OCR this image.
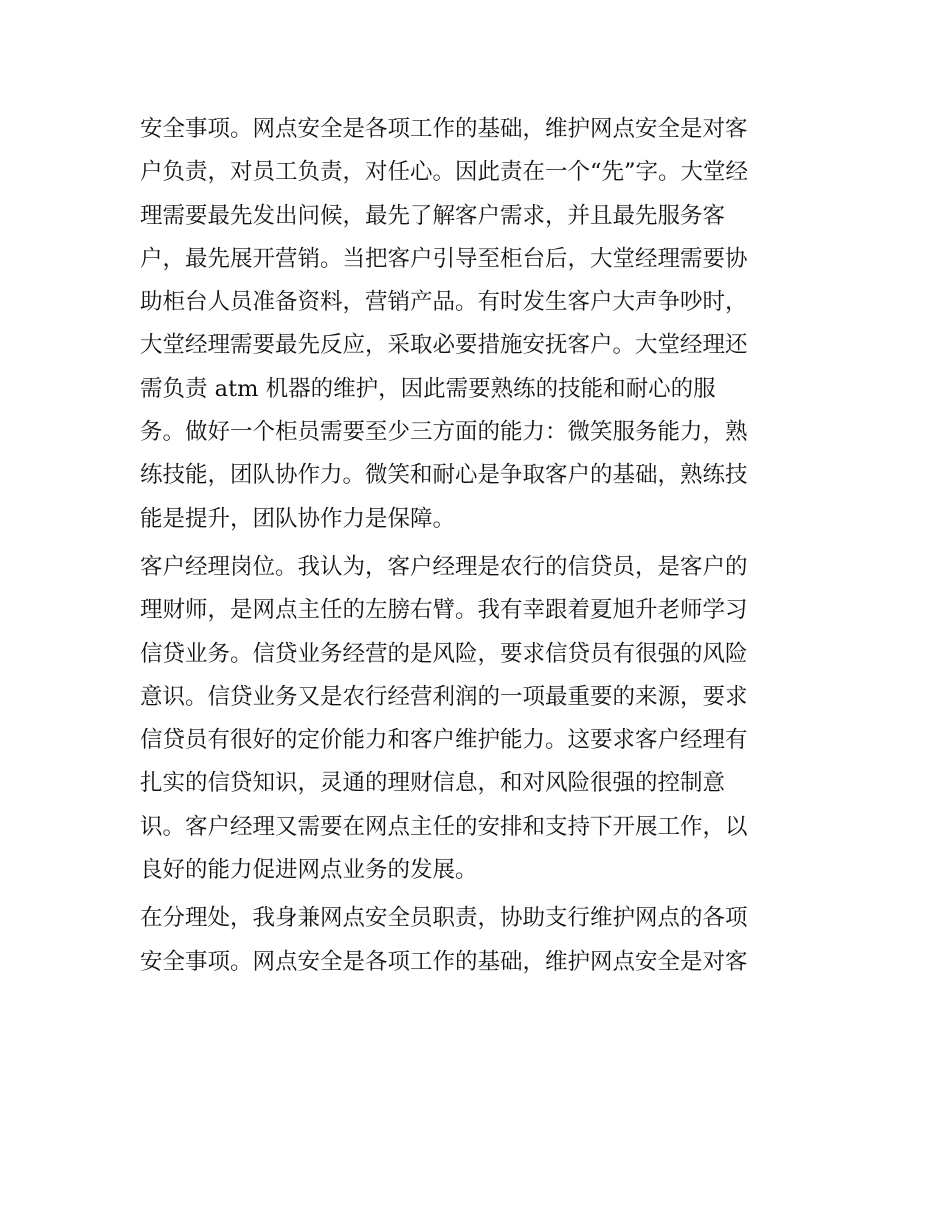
安全事项。网点安全是各项工作的基础，维护网点安全是对客
户负责，对员工负责，对任心。因此责在一个“先”字。大堂经
理需要最先发出问候，最先了解客户需求，并且最先服务客
户，最先展开营销。当把客户引导至柜台后，大堂经理需要协
助柜台人员准备资料，营销产品。有时发生客户大声争吵时，
大堂经理需要最先反应，采取必要措施安抚客户。大堂经理还
需负责 atm 机器的维护，因此需要熟练的技能和耐心的服
务。做好一个柜员需要至少三方面的能力：微笑服务能力，熟
练技能，团队协作力。微笑和耐心是争取客户的基础，熟练技
能是提升，团队协作力是保障。
客户经理岗位。我认为，客户经理是农行的信贷员，是客户的
理财师，是网点主任的左膀右臂。我有幸跟着夏旭升老师学习
信贷业务。信贷业务经营的是风险，要求信贷员有很强的风险
意识。信贷业务又是农行经营利润的一项最重要的来源，要求
信贷员有很好的定价能力和客户维护能力。这要求客户经理有
扎实的信贷知识，灵通的理财信息，和对风险很强的控制意
识。客户经理又需要在网点主任的安排和支持下开展工作，以
良好的能力促进网点业务的发展。
在分理处，我身兼网点安全员职责，协助支行维护网点的各项
安全事项。网点安全是各项工作的基础，维护网点安全是对客
